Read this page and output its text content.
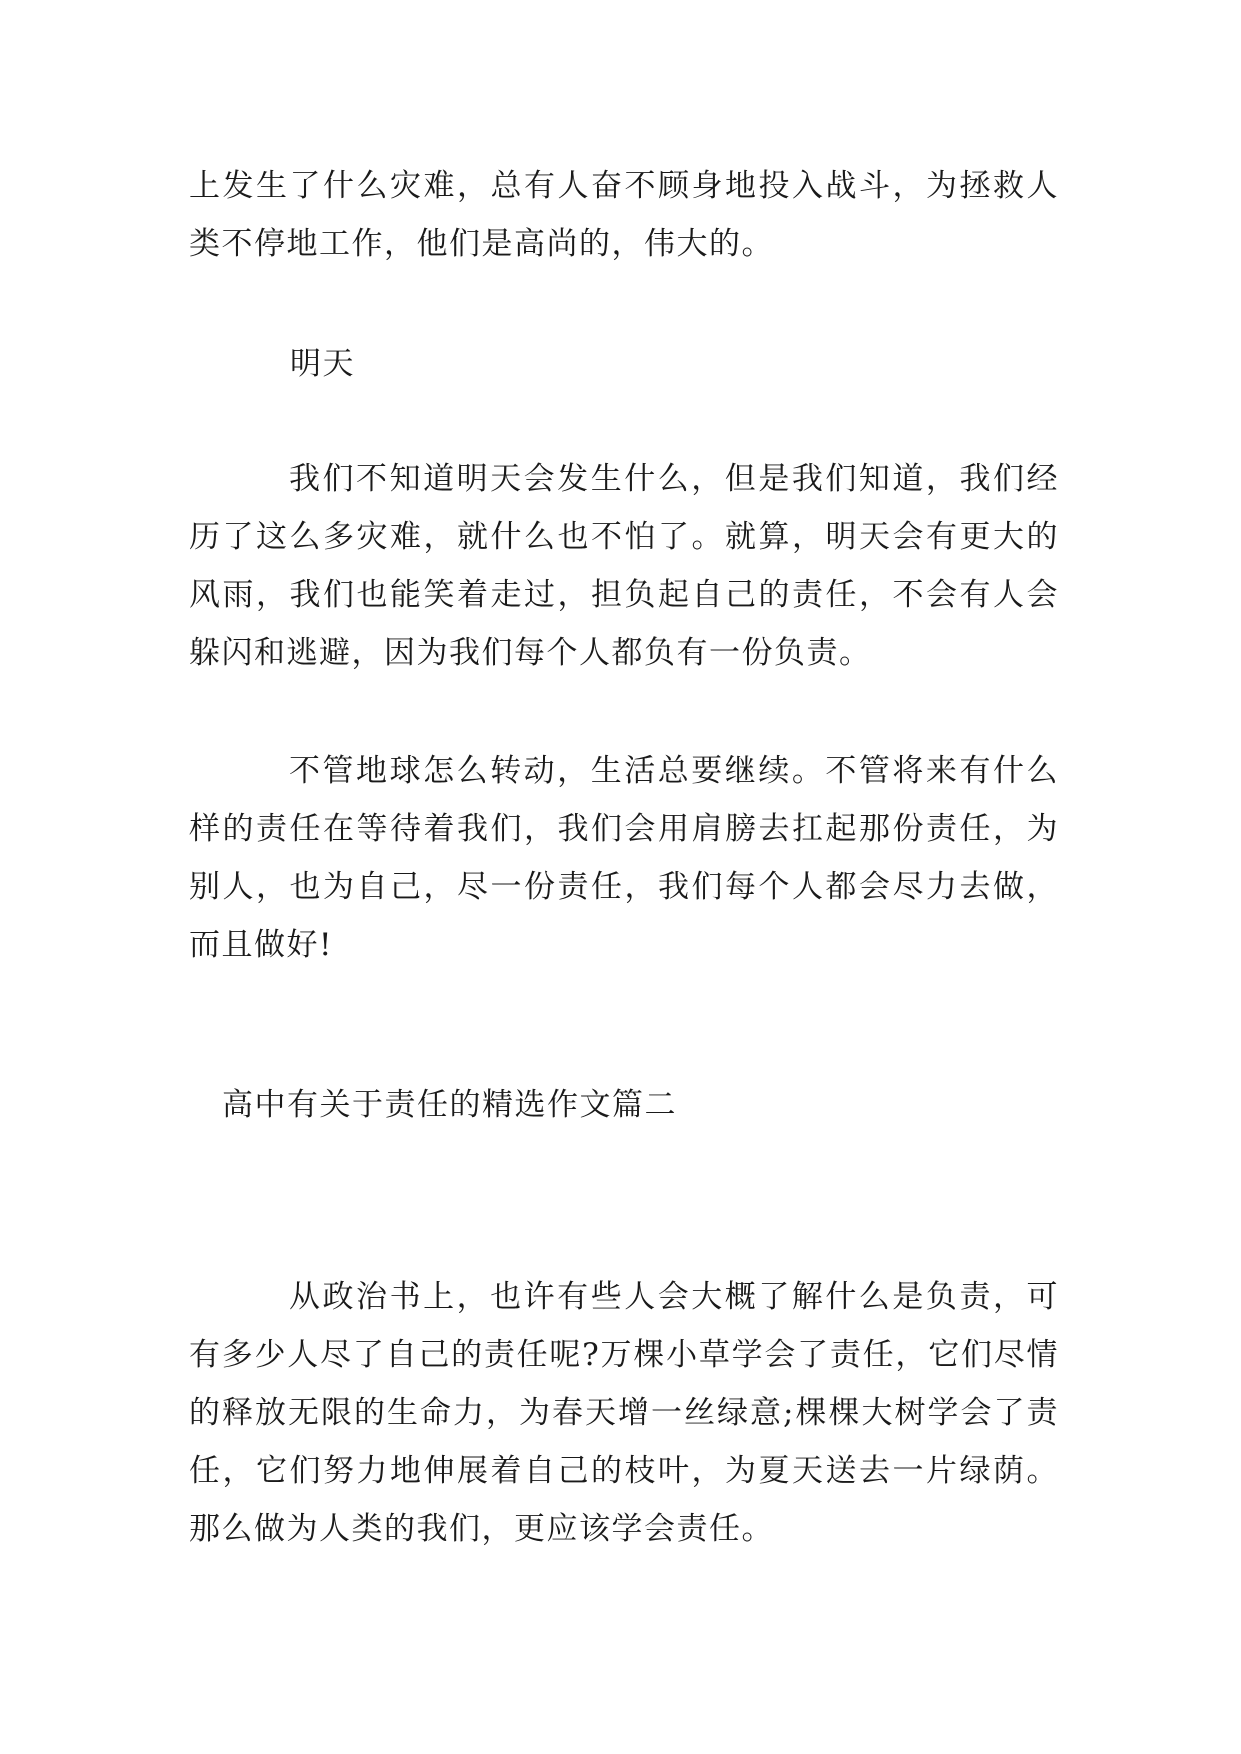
上发生了什么灾难，总有人奋不顾身地投入战斗，为拯救人类不停地工作，他们是高尚的，伟大的。

明天

我们不知道明天会发生什么，但是我们知道，我们经历了这么多灾难，就什么也不怕了。就算，明天会有更大的风雨，我们也能笑着走过，担负起自己的责任，不会有人会躲闪和逃避，因为我们每个人都负有一份负责。

不管地球怎么转动，生活总要继续。不管将来有什么样的责任在等待着我们，我们会用肩膀去扛起那份责任，为别人，也为自己，尽一份责任，我们每个人都会尽力去做，而且做好!

高中有关于责任的精选作文篇二

从政治书上，也许有些人会大概了解什么是负责，可有多少人尽了自己的责任呢?万棵小草学会了责任，它们尽情的释放无限的生命力，为春天增一丝绿意;棵棵大树学会了责任，它们努力地伸展着自己的枝叶，为夏天送去一片绿荫。那么做为人类的我们，更应该学会责任。
